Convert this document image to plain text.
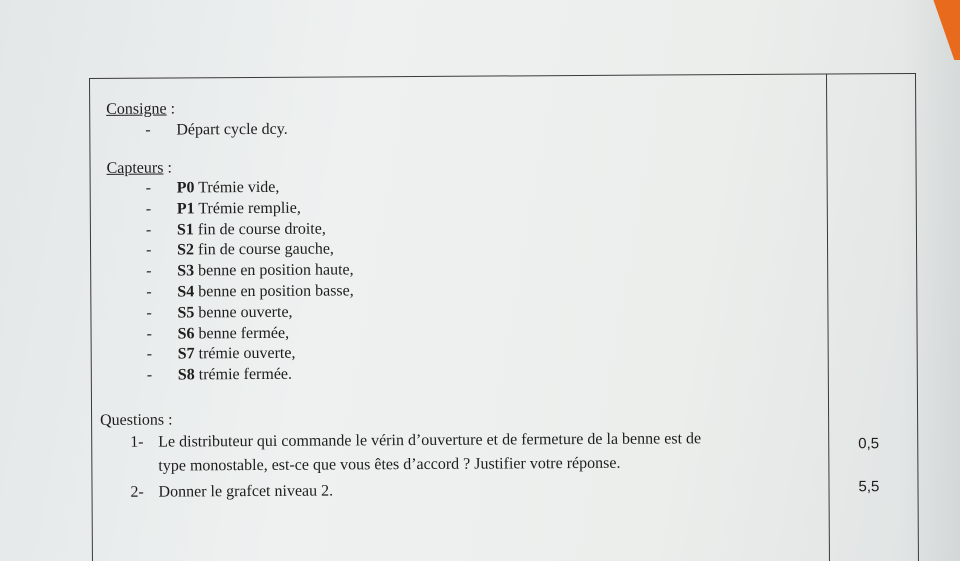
Consigne :
- Départ cycle dcy.
Capteurs :
- P0 Trémie vide,
- P1 Trémie remplie,
- S1 fin de course droite,
- S2 fin de course gauche,
- S3 benne en position haute,
- S4 benne en position basse,
- S5 benne ouverte,
- S6 benne fermée,
- S7 trémie ouverte,
- S8 trémie fermée.
Questions :
1- Le distributeur qui commande le vérin d’ouverture et de fermeture de la benne est de
type monostable, est-ce que vous êtes d’accord ? Justifier votre réponse.
0,5
2- Donner le grafcet niveau 2.	5,5
